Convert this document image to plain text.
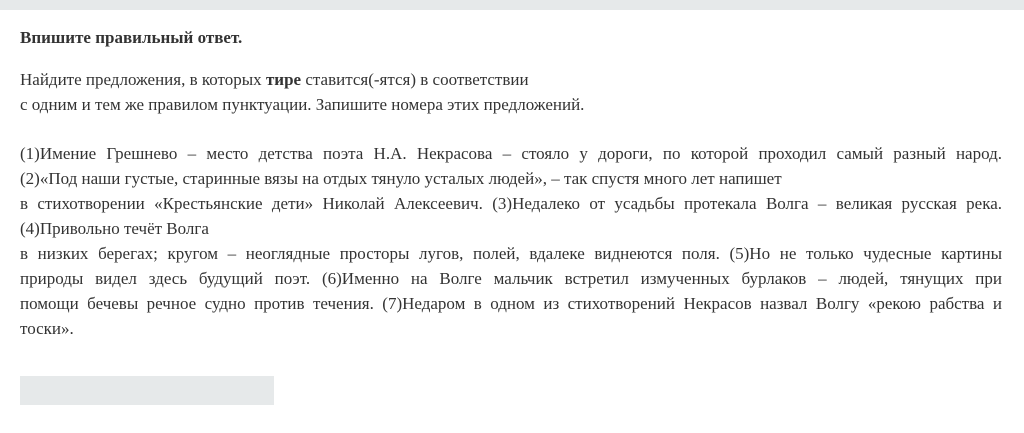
Впишите правильный ответ.

Найдите предложения, в которых тире ставится(-ятся) в соответствии
с одним и тем же правилом пунктуации. Запишите номера этих предложений.

(1)Имение Грешнево – место детства поэта Н.А. Некрасова – стояло у дороги, по которой проходил самый разный народ.
(2)«Под наши густые, старинные вязы на отдых тянуло усталых людей», – так спустя много лет напишет
в стихотворении «Крестьянские дети» Николай Алексеевич. (3)Недалеко от усадьбы протекала Волга – великая русская река.
(4)Привольно течёт Волга
в низких берегах; кругом – неоглядные просторы лугов, полей, вдалеке виднеются поля. (5)Но не только чудесные картины
природы видел здесь будущий поэт. (6)Именно на Волге мальчик встретил измученных бурлаков – людей, тянущих при
помощи бечевы речное судно против течения. (7)Недаром в одном из стихотворений Некрасов назвал Волгу «рекою рабства и
тоски».
